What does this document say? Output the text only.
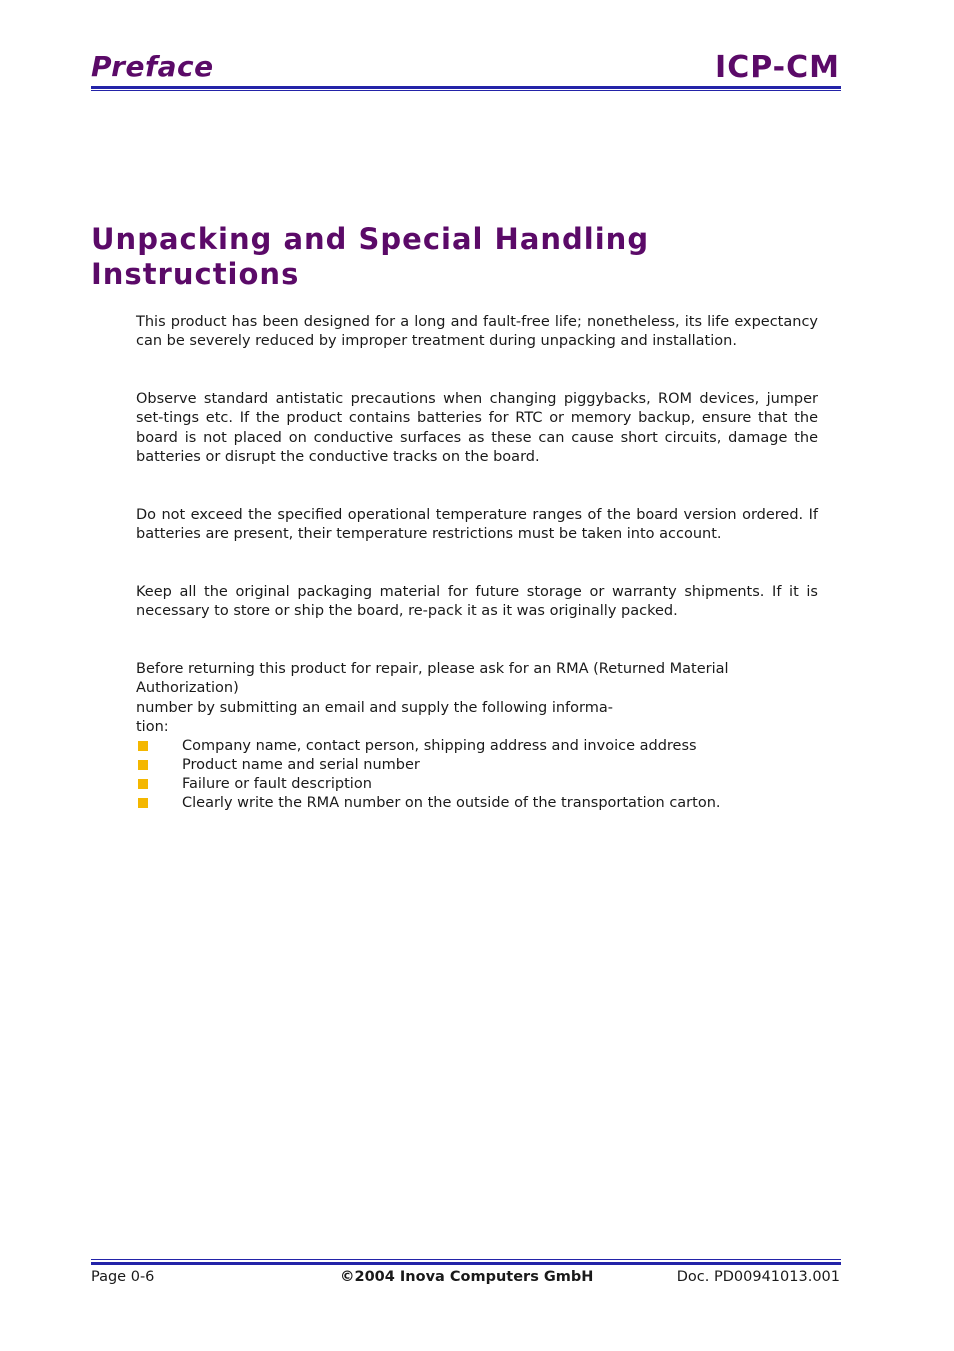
Preface	ICP-CM
Unpacking and Special Handling Instructions

This product has been designed for a long and fault-free life; nonetheless, its life expectancy can be severely reduced by improper treatment during unpacking and installation.

Observe standard antistatic precautions when changing piggybacks, ROM devices, jumper set-tings etc. If the product contains batteries for RTC or memory backup, ensure that the board is not placed on conductive surfaces as these can cause short circuits, damage the batteries or disrupt the conductive tracks on the board.

Do not exceed the specified operational temperature ranges of the board version ordered. If batteries are present, their temperature restrictions must be taken into account.

Keep all the original packaging material for future storage or warranty shipments. If it is necessary to store or ship the board, re-pack it as it was originally packed.

Before returning this product for repair, please ask for an RMA (Returned Material Authorization)
number by submitting an email and supply the following informa-
tion:

Company name, contact person, shipping address and invoice address
Product name and serial number
Failure or fault description
Clearly write the RMA number on the outside of the transportation carton.
Page 0-6	©2004 Inova Computers GmbH	Doc. PD00941013.001
